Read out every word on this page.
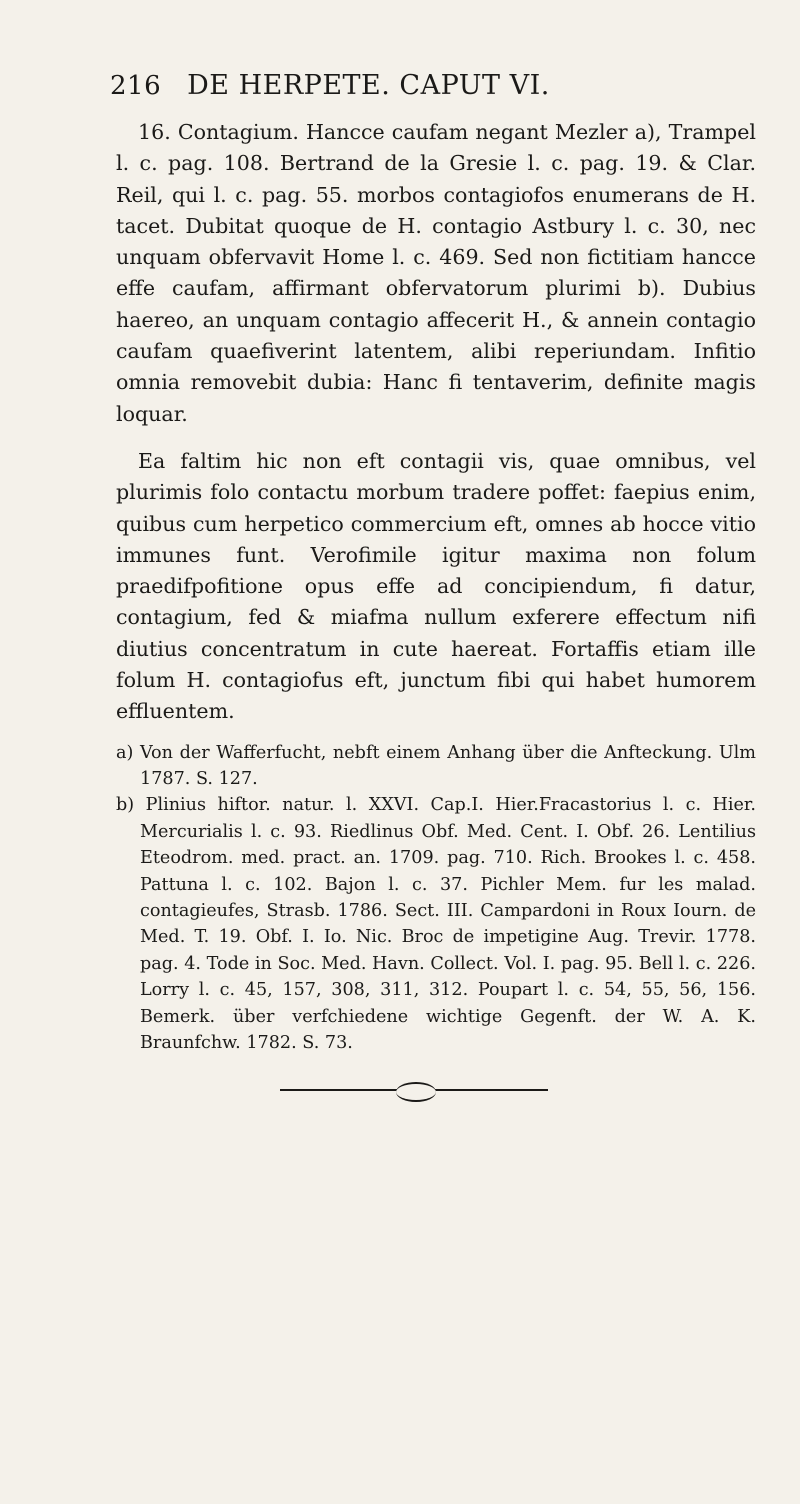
216 DE HERPETE. CAPUT VI.

16. Contagium. Hancce caufam negant Mezler a), Trampel l. c. pag. 108. Bertrand de la Gresie l. c. pag. 19. & Clar. Reil, qui l. c. pag. 55. morbos contagiofos enumerans de H. tacet. Dubitat quoque de H. contagio Astbury l. c. 30, nec unquam obfervavit Home l. c. 469. Sed non fictitiam hancce effe caufam, affirmant obfervatorum plurimi b). Dubius haereo, an unquam contagio affecerit H., & annein contagio caufam quaefiverint latentem, alibi reperiundam. Infitio omnia removebit dubia: Hanc fi tentaverim, definite magis loquar.

Ea faltim hic non eft contagii vis, quae omnibus, vel plurimis folo contactu morbum tradere poffet: faepius enim, quibus cum herpetico commercium eft, omnes ab hocce vitio immunes funt. Verofimile igitur maxima non folum praedifpofitione opus effe ad concipiendum, fi datur, contagium, fed & miafma nullum exferere effectum nifi diutius concentratum in cute haereat. Fortaffis etiam ille folum H. contagiofus eft, junctum fibi qui habet humorem effluentem.

a) Von der Wafferfucht, nebft einem Anhang über die Anfteckung. Ulm 1787. S. 127.

b) Plinius hiftor. natur. l. XXVI. Cap.I. Hier.Fracastorius l. c. Hier. Mercurialis l. c. 93. Riedlinus Obf. Med. Cent. I. Obf. 26. Lentilius Eteodrom. med. pract. an. 1709. pag. 710. Rich. Brookes l. c. 458. Pattuna l. c. 102. Bajon l. c. 37. Pichler Mem. fur les malad. contagieufes, Strasb. 1786. Sect. III. Campardoni in Roux Iourn. de Med. T. 19. Obf. I. Io. Nic. Broc de impetigine Aug. Trevir. 1778. pag. 4. Tode in Soc. Med. Havn. Collect. Vol. I. pag. 95. Bell l. c. 226. Lorry l. c. 45, 157, 308, 311, 312. Poupart l. c. 54, 55, 56, 156. Bemerk. über verfchiedene wichtige Gegenft. der W. A. K. Braunfchw. 1782. S. 73.
